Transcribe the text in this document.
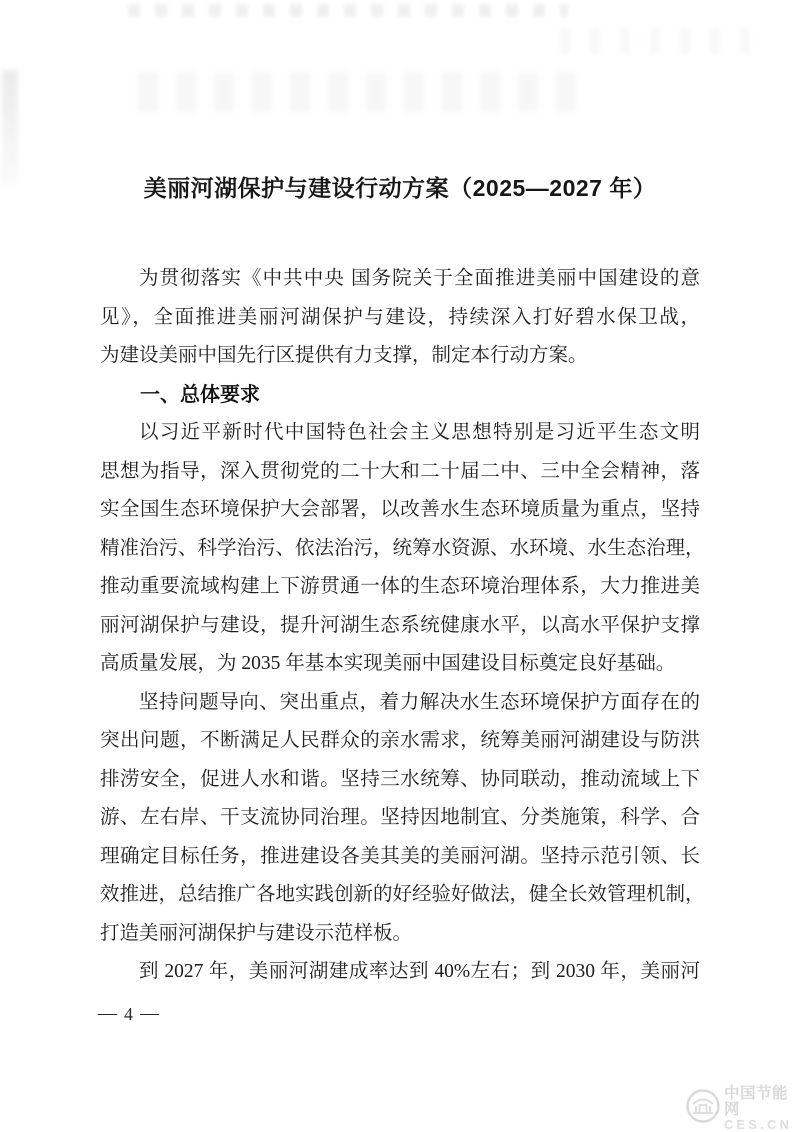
美丽河湖保护与建设行动方案（2025—2027 年）
为贯彻落实《中共中央 国务院关于全面推进美丽中国建设的意
见》，全面推进美丽河湖保护与建设，持续深入打好碧水保卫战，
为建设美丽中国先行区提供有力支撑，制定本行动方案。
一、总体要求
以习近平新时代中国特色社会主义思想特别是习近平生态文明
思想为指导，深入贯彻党的二十大和二十届二中、三中全会精神，落
实全国生态环境保护大会部署，以改善水生态环境质量为重点，坚持
精准治污、科学治污、依法治污，统筹水资源、水环境、水生态治理，
推动重要流域构建上下游贯通一体的生态环境治理体系，大力推进美
丽河湖保护与建设，提升河湖生态系统健康水平，以高水平保护支撑
高质量发展，为 2035 年基本实现美丽中国建设目标奠定良好基础。
坚持问题导向、突出重点，着力解决水生态环境保护方面存在的
突出问题，不断满足人民群众的亲水需求，统筹美丽河湖建设与防洪
排涝安全，促进人水和谐。坚持三水统筹、协同联动，推动流域上下
游、左右岸、干支流协同治理。坚持因地制宜、分类施策，科学、合
理确定目标任务，推进建设各美其美的美丽河湖。坚持示范引领、长
效推进，总结推广各地实践创新的好经验好做法，健全长效管理机制，
打造美丽河湖保护与建设示范样板。
到 2027 年，美丽河湖建成率达到 40%左右；到 2030 年，美丽河
— 4 —
中国节能网
CES.CN
